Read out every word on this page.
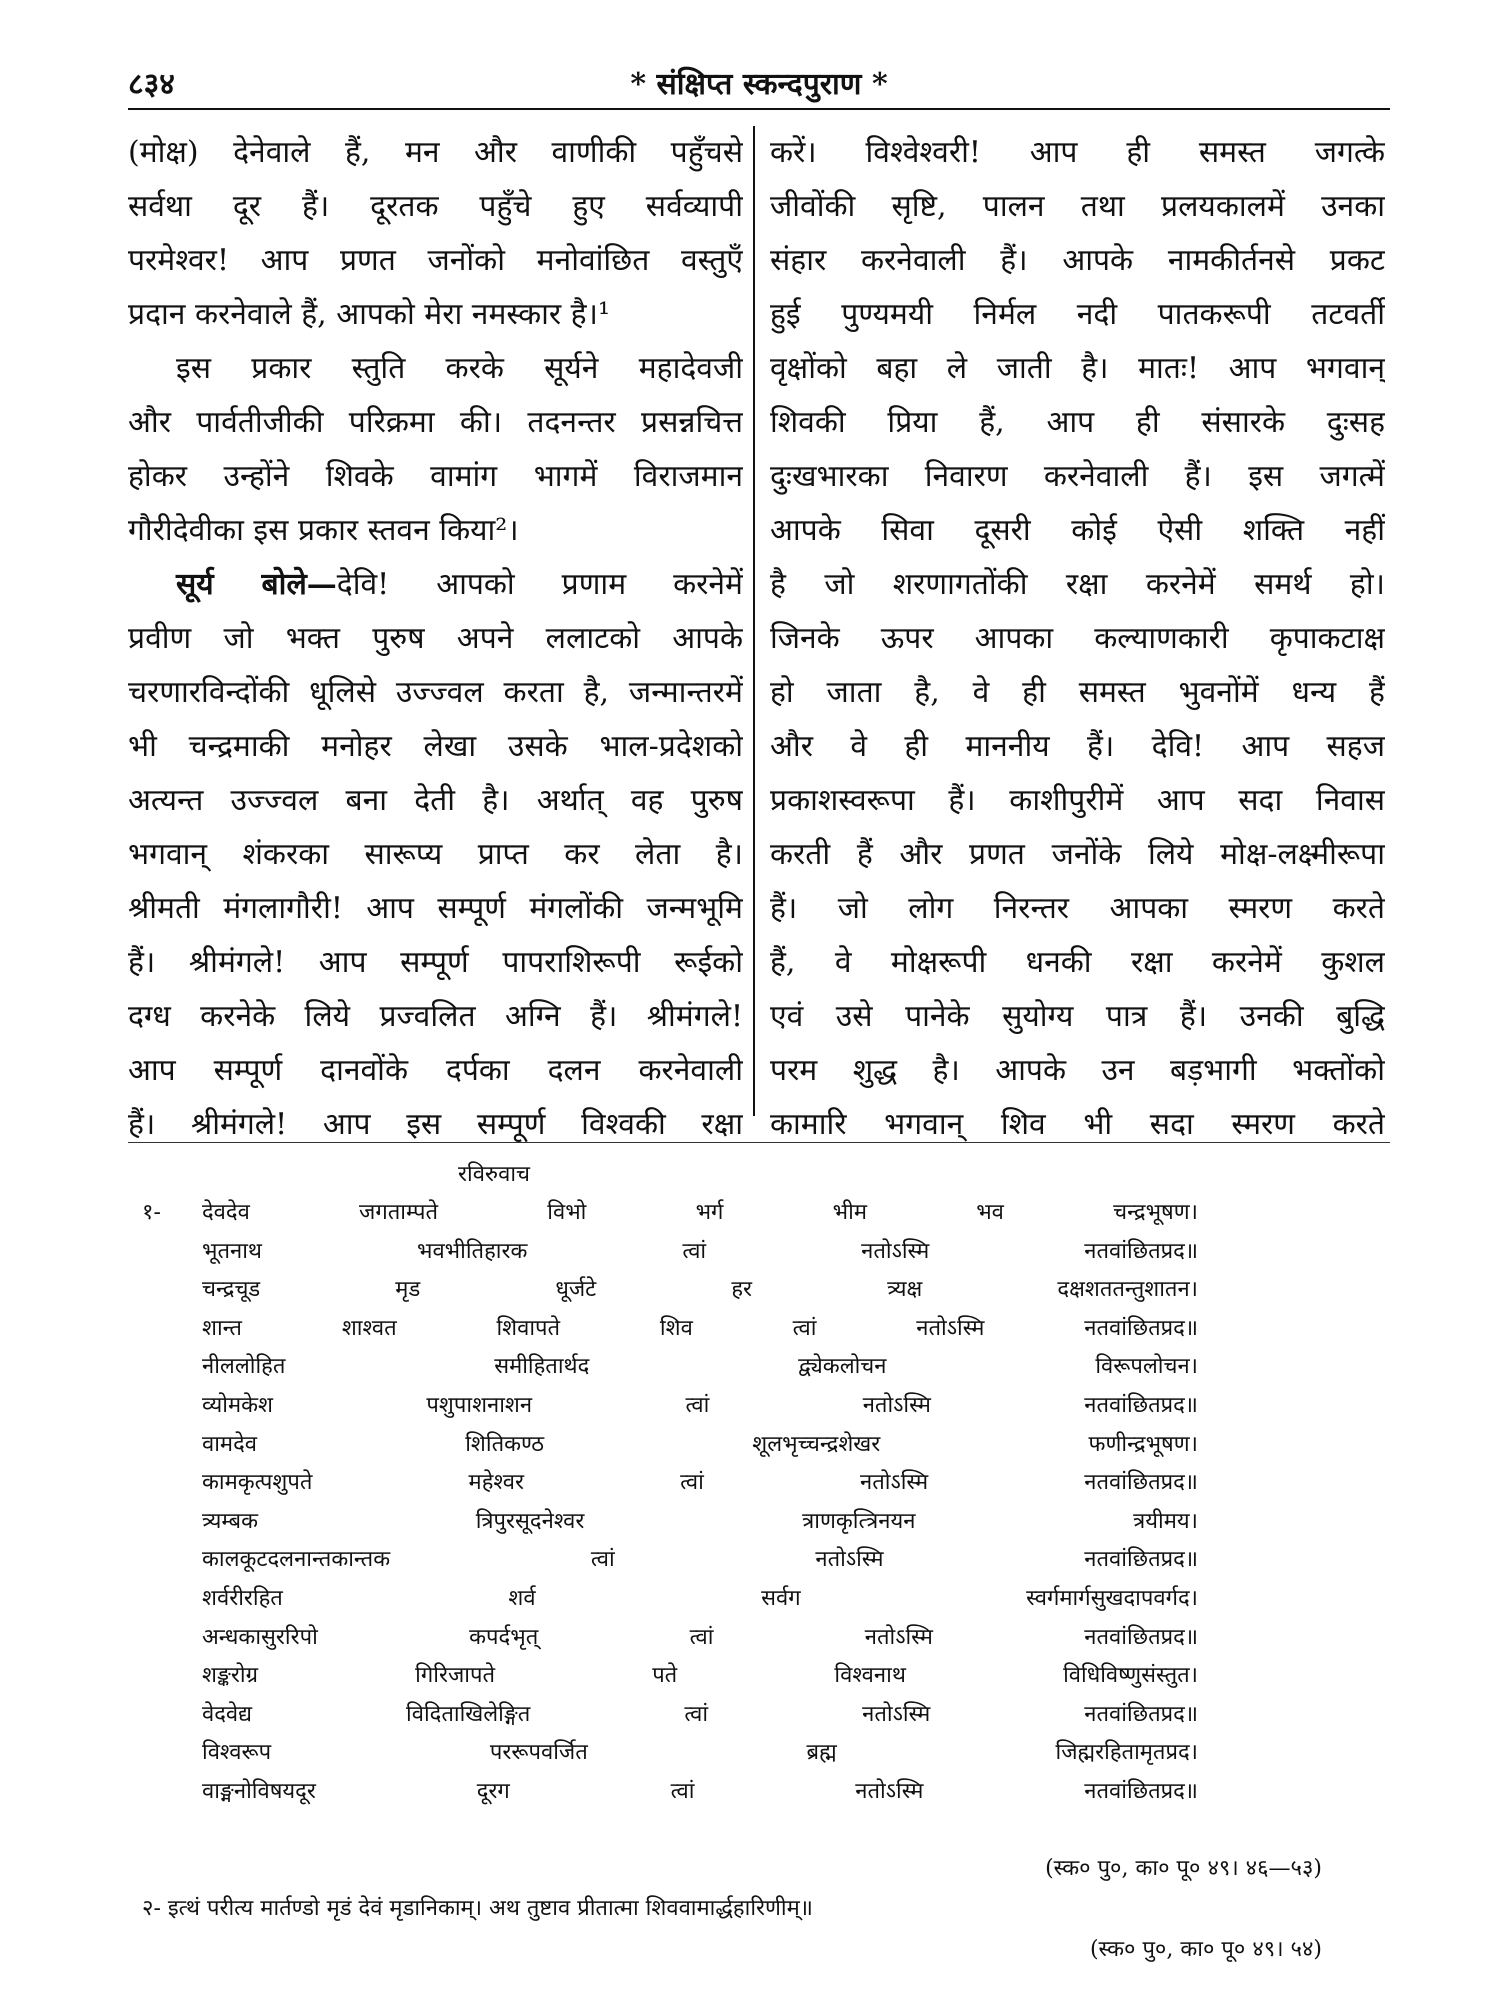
८३४	* संक्षिप्त स्कन्दपुराण *
(मोक्ष) देनेवाले हैं, मन और वाणीकी पहुँचसे
सर्वथा दूर हैं। दूरतक पहुँचे हुए सर्वव्यापी
परमेश्वर! आप प्रणत जनोंको मनोवांछित वस्तुएँ
प्रदान करनेवाले हैं, आपको मेरा नमस्कार है।¹
इस प्रकार स्तुति करके सूर्यने महादेवजी
और पार्वतीजीकी परिक्रमा की। तदनन्तर प्रसन्नचित्त
होकर उन्होंने शिवके वामांग भागमें विराजमान
गौरीदेवीका इस प्रकार स्तवन किया²।
सूर्य बोले—देवि! आपको प्रणाम करनेमें
प्रवीण जो भक्त पुरुष अपने ललाटको आपके
चरणारविन्दोंकी धूलिसे उज्ज्वल करता है, जन्मान्तरमें
भी चन्द्रमाकी मनोहर लेखा उसके भाल-प्रदेशको
अत्यन्त उज्ज्वल बना देती है। अर्थात् वह पुरुष
भगवान् शंकरका सारूप्य प्राप्त कर लेता है।
श्रीमती मंगलागौरी! आप सम्पूर्ण मंगलोंकी जन्मभूमि
हैं। श्रीमंगले! आप सम्पूर्ण पापराशिरूपी रूईको
दग्ध करनेके लिये प्रज्वलित अग्नि हैं। श्रीमंगले!
आप सम्पूर्ण दानवोंके दर्पका दलन करनेवाली
हैं। श्रीमंगले! आप इस सम्पूर्ण विश्वकी रक्षा
करें। विश्वेश्वरी! आप ही समस्त जगत्के
जीवोंकी सृष्टि, पालन तथा प्रलयकालमें उनका
संहार करनेवाली हैं। आपके नामकीर्तनसे प्रकट
हुई पुण्यमयी निर्मल नदी पातकरूपी तटवर्ती
वृक्षोंको बहा ले जाती है। मातः! आप भगवान्
शिवकी प्रिया हैं, आप ही संसारके दुःसह
दुःखभारका निवारण करनेवाली हैं। इस जगत्में
आपके सिवा दूसरी कोई ऐसी शक्ति नहीं
है जो शरणागतोंकी रक्षा करनेमें समर्थ हो।
जिनके ऊपर आपका कल्याणकारी कृपाकटाक्ष
हो जाता है, वे ही समस्त भुवनोंमें धन्य हैं
और वे ही माननीय हैं। देवि! आप सहज
प्रकाशस्वरूपा हैं। काशीपुरीमें आप सदा निवास
करती हैं और प्रणत जनोंके लिये मोक्ष-लक्ष्मीरूपा
हैं। जो लोग निरन्तर आपका स्मरण करते
हैं, वे मोक्षरूपी धनकी रक्षा करनेमें कुशल
एवं उसे पानेके सुयोग्य पात्र हैं। उनकी बुद्धि
परम शुद्ध है। आपके उन बड़भागी भक्तोंको
कामारि भगवान् शिव भी सदा स्मरण करते
रविरुवाच
१- देवदेव जगताम्पते विभो भर्ग भीम भव चन्द्रभूषण।
भूतनाथ भवभीतिहारक त्वां नतोऽस्मि नतवांछितप्रद॥
चन्द्रचूड मृड धूर्जटे हर त्र्यक्ष दक्षशततन्तुशातन।
शान्त शाश्वत शिवापते शिव त्वां नतोऽस्मि नतवांछितप्रद॥
नीललोहित समीहितार्थद द्व्येकलोचन विरूपलोचन।
व्योमकेश पशुपाशनाशन त्वां नतोऽस्मि नतवांछितप्रद॥
वामदेव शितिकण्ठ शूलभृच्चन्द्रशेखर फणीन्द्रभूषण।
कामकृत्पशुपते महेश्वर त्वां नतोऽस्मि नतवांछितप्रद॥
त्र्यम्बक त्रिपुरसूदनेश्वर त्राणकृत्त्रिनयन त्रयीमय।
कालकूटदलनान्तकान्तक त्वां नतोऽस्मि नतवांछितप्रद॥
शर्वरीरहित शर्व सर्वग स्वर्गमार्गसुखदापवर्गद।
अन्धकासुररिपो कपर्दभृत् त्वां नतोऽस्मि नतवांछितप्रद॥
शङ्करोग्र गिरिजापते पते विश्वनाथ विधिविष्णुसंस्तुत।
वेदवेद्य विदिताखिलेङ्गित त्वां नतोऽस्मि नतवांछितप्रद॥
विश्वरूप पररूपवर्जित ब्रह्म जिह्मरहितामृतप्रद।
वाङ्मनोविषयदूर दूरग त्वां नतोऽस्मि नतवांछितप्रद॥
(स्क० पु०, का० पू० ४९। ४६—५३)
२- इत्थं परीत्य मार्तण्डो मृडं देवं मृडानिकाम्। अथ तुष्टाव प्रीतात्मा शिववामार्द्धहारिणीम्॥
(स्क० पु०, का० पू० ४९। ५४)
